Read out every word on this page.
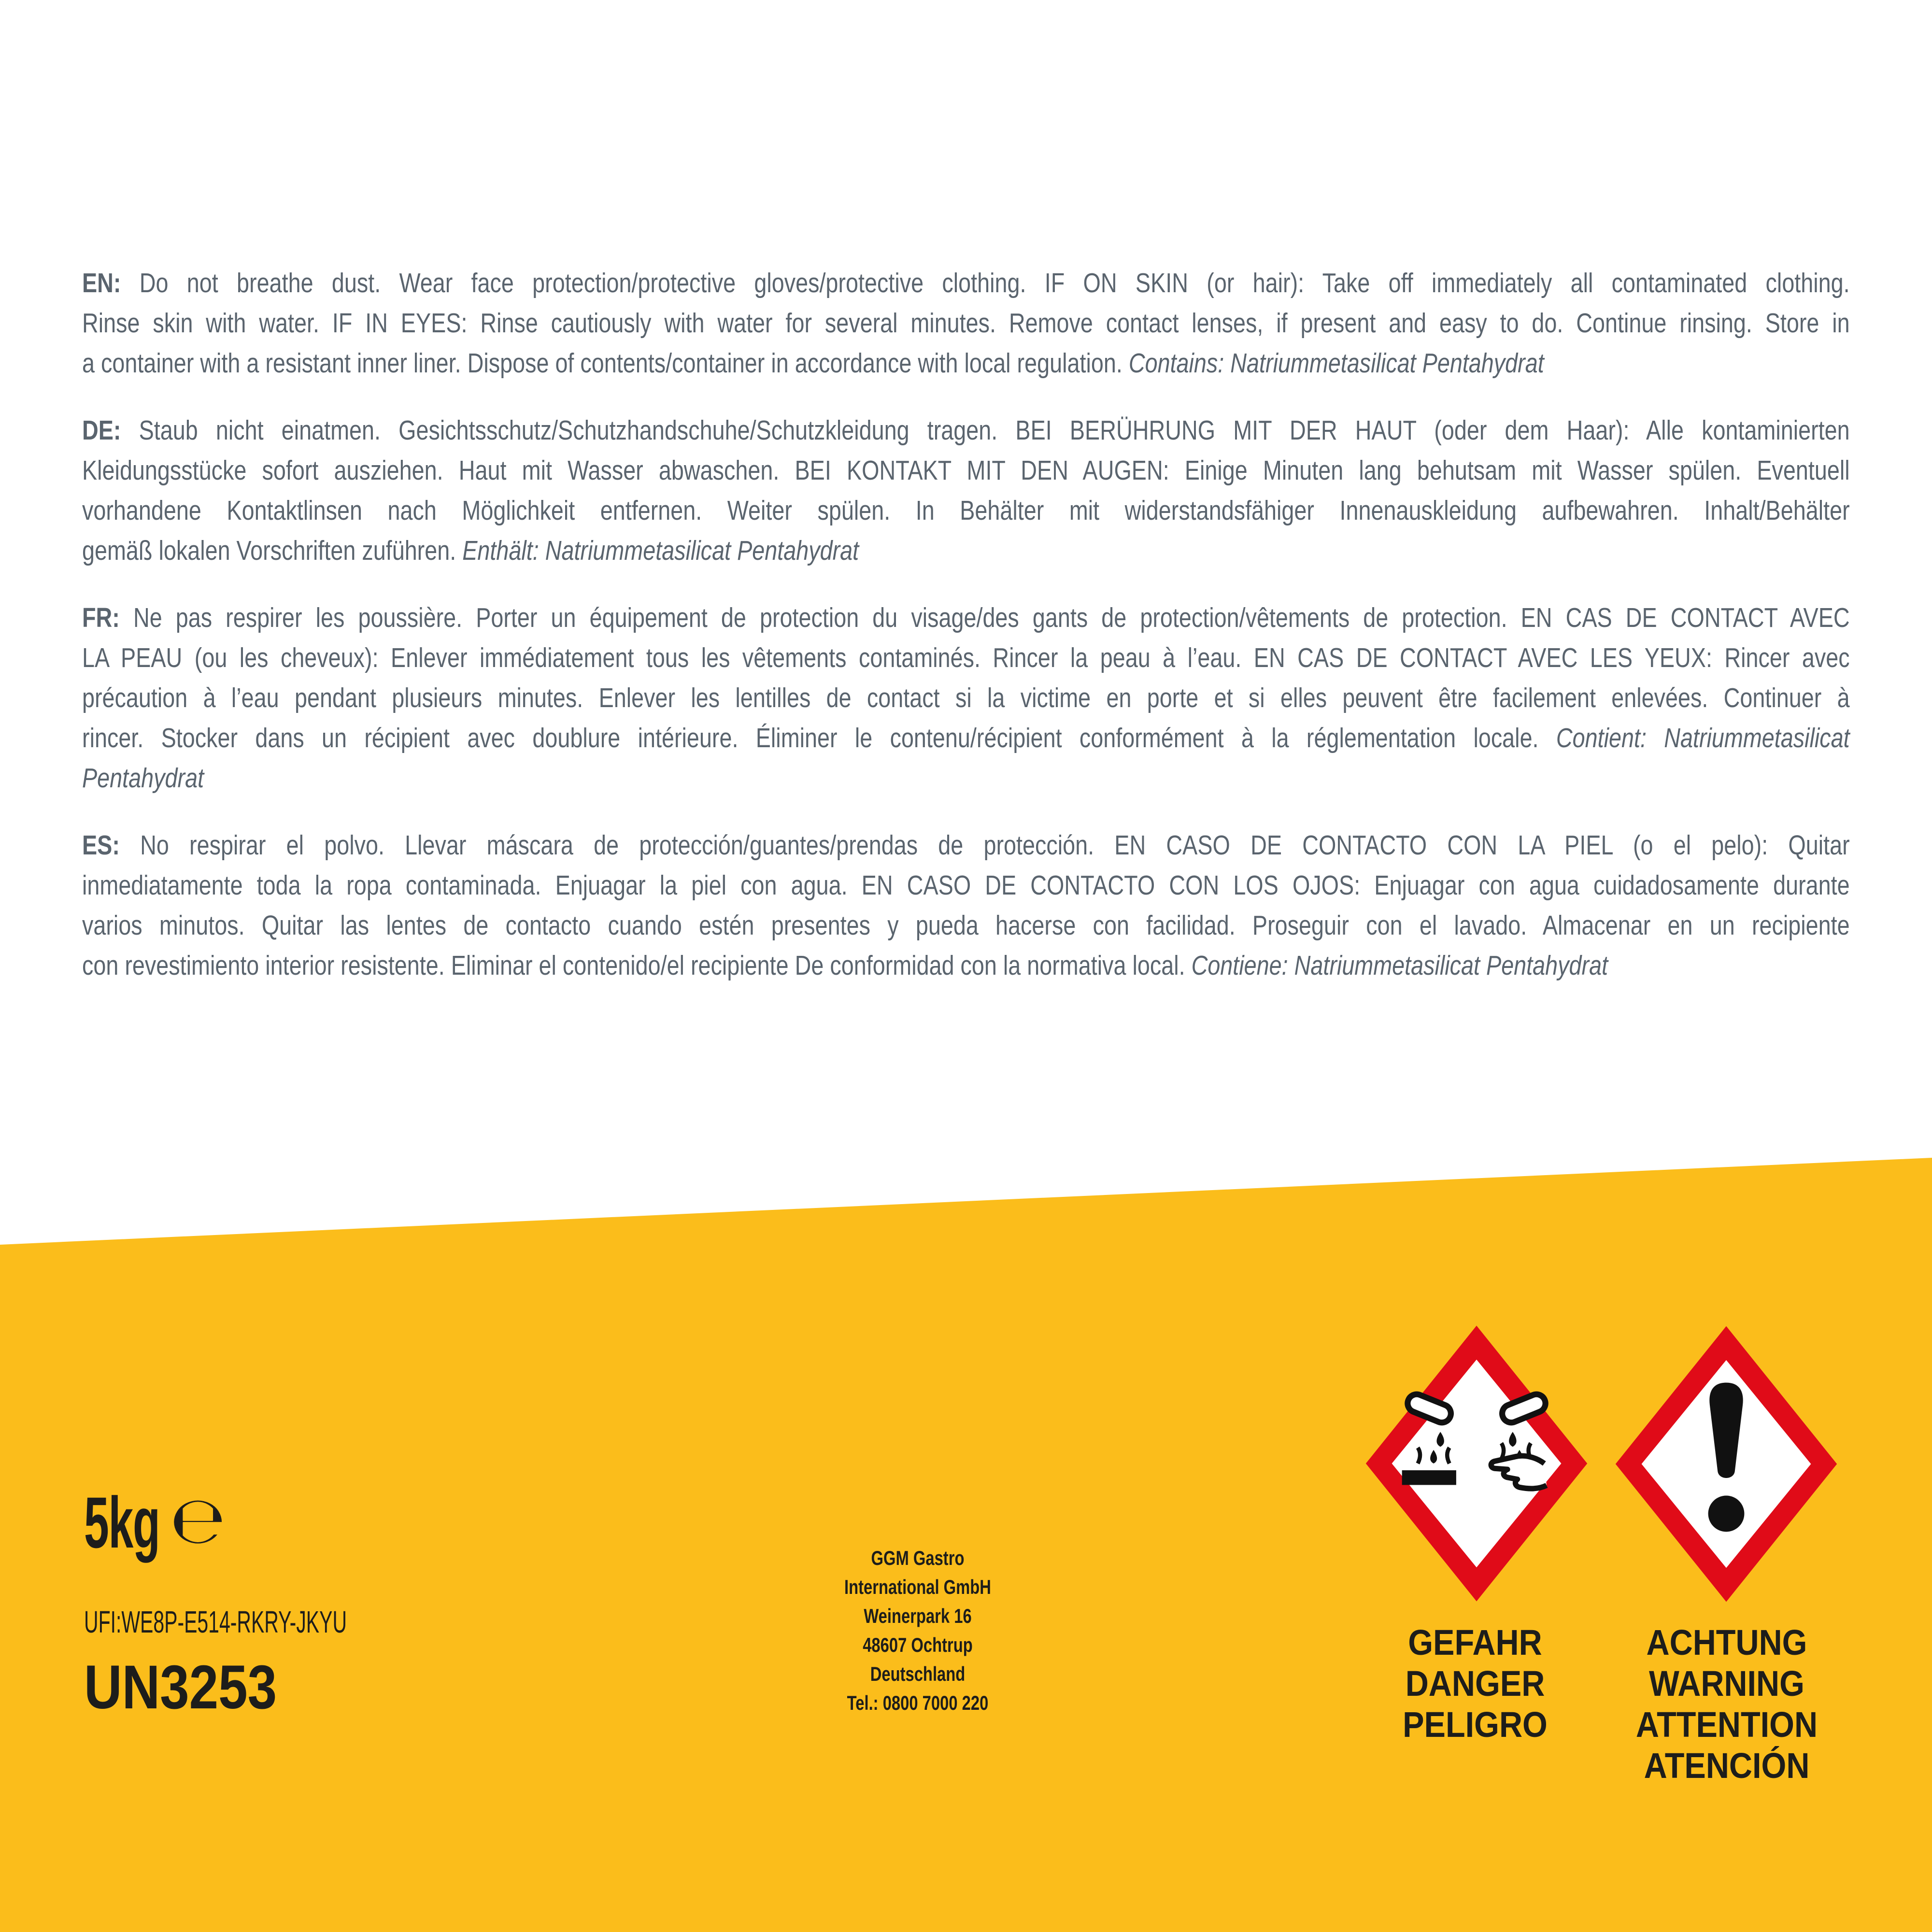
EN: Do not breathe dust. Wear face protection/protective gloves/protective clothing. IF ON SKIN (or hair): Take off immediately all contaminated clothing.
Rinse skin with water. IF IN EYES: Rinse cautiously with water for several minutes. Remove contact lenses, if present and easy to do. Continue rinsing. Store in
a container with a resistant inner liner. Dispose of contents/container in accordance with local regulation. Contains: Natriummetasilicat Pentahydrat
DE: Staub nicht einatmen. Gesichtsschutz/Schutzhandschuhe/Schutzkleidung tragen. BEI BERÜHRUNG MIT DER HAUT (oder dem Haar): Alle kontaminierten
Kleidungsstücke sofort ausziehen. Haut mit Wasser abwaschen. BEI KONTAKT MIT DEN AUGEN: Einige Minuten lang behutsam mit Wasser spülen. Eventuell
vorhandene Kontaktlinsen nach Möglichkeit entfernen. Weiter spülen. In Behälter mit widerstandsfähiger Innenauskleidung aufbewahren. Inhalt/Behälter
gemäß lokalen Vorschriften zuführen. Enthält: Natriummetasilicat Pentahydrat
FR: Ne pas respirer les poussière. Porter un équipement de protection du visage/des gants de protection/vêtements de protection. EN CAS DE CONTACT AVEC
LA PEAU (ou les cheveux): Enlever immédiatement tous les vêtements contaminés. Rincer la peau à l’eau. EN CAS DE CONTACT AVEC LES YEUX: Rincer avec
précaution à l’eau pendant plusieurs minutes. Enlever les lentilles de contact si la victime en porte et si elles peuvent être facilement enlevées. Continuer à
rincer. Stocker dans un récipient avec doublure intérieure. Éliminer le contenu/récipient conformément à la réglementation locale. Contient: Natriummetasilicat
Pentahydrat
ES: No respirar el polvo. Llevar máscara de protección/guantes/prendas de protección. EN CASO DE CONTACTO CON LA PIEL (o el pelo): Quitar
inmediatamente toda la ropa contaminada. Enjuagar la piel con agua. EN CASO DE CONTACTO CON LOS OJOS: Enjuagar con agua cuidadosamente durante
varios minutos. Quitar las lentes de contacto cuando estén presentes y pueda hacerse con facilidad. Proseguir con el lavado. Almacenar en un recipiente
con revestimiento interior resistente. Eliminar el contenido/el recipiente De conformidad con la normativa local. Contiene: Natriummetasilicat Pentahydrat
5kg ℮
UFI:WE8P-E514-RKRY-JKYU
UN3253
GGM Gastro
International GmbH
Weinerpark 16
48607 Ochtrup
Deutschland
Tel.: 0800 7000 220
GEFAHR
DANGER
PELIGRO
ACHTUNG
WARNING
ATTENTION
ATENCIÓN
